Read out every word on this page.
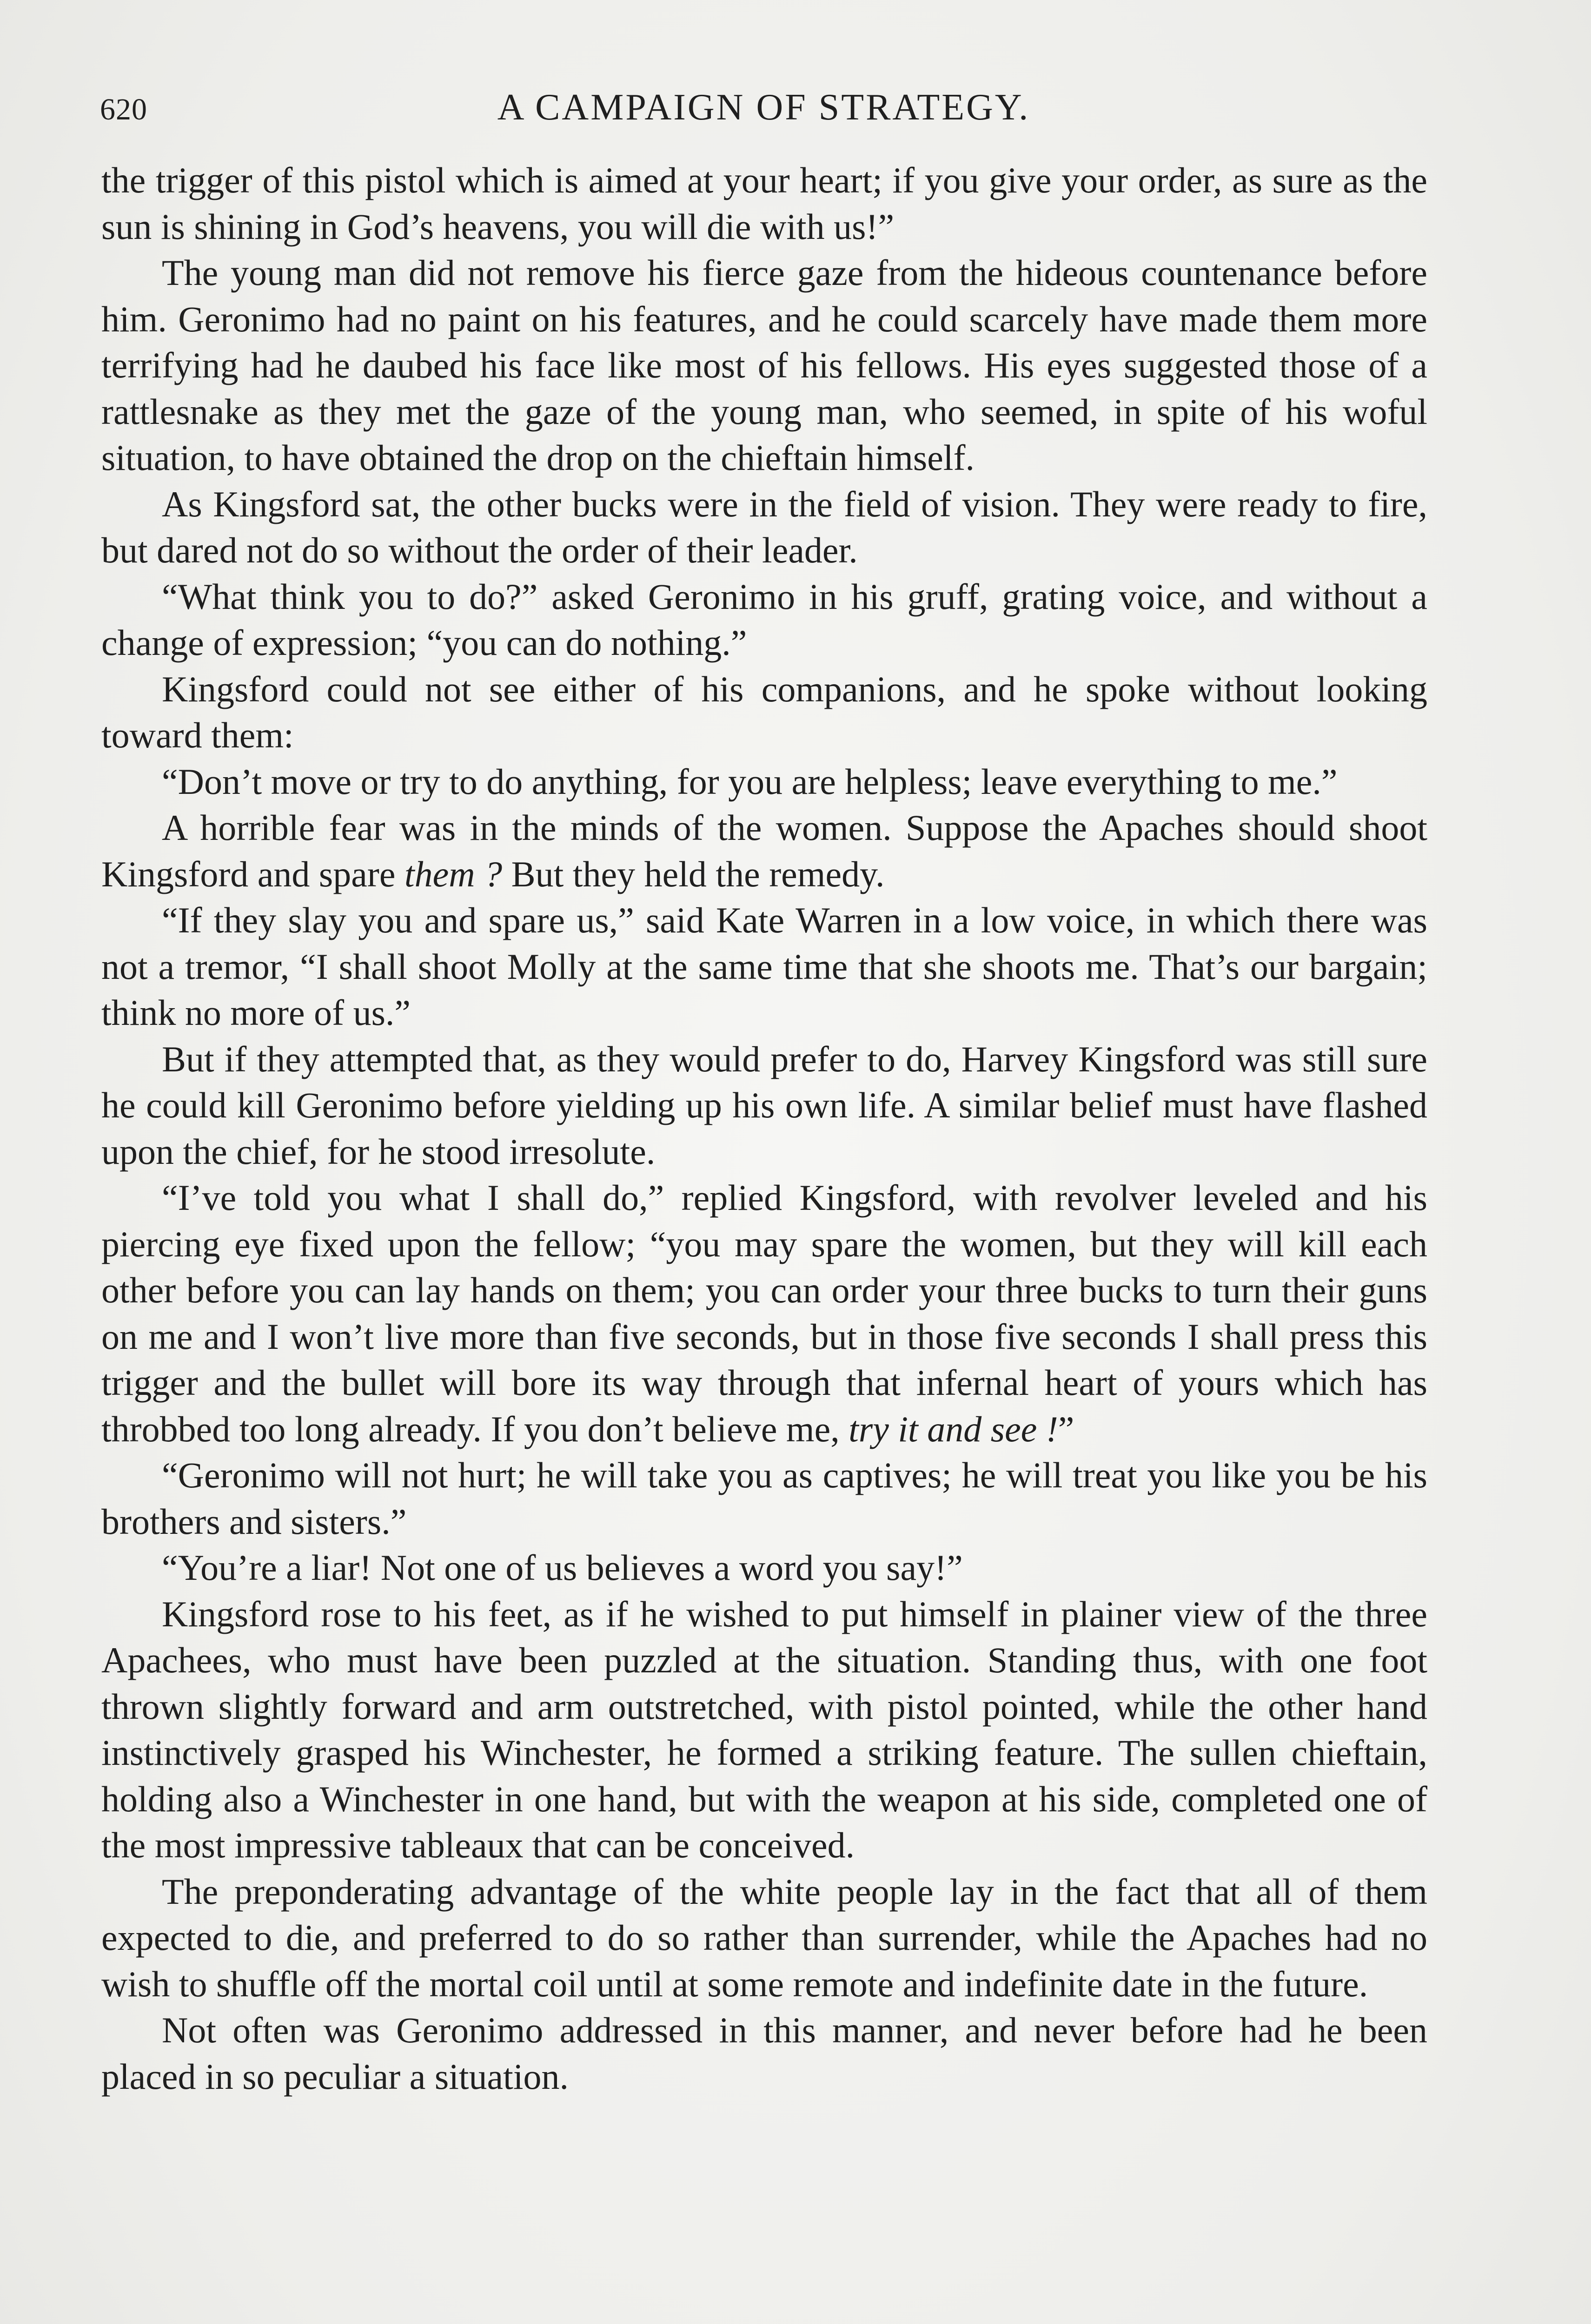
620	A CAMPAIGN OF STRATEGY.

the trigger of this pistol which is aimed at your heart; if you give your order, as sure as the sun is shining in God’s heavens, you will die with us!”

The young man did not remove his fierce gaze from the hideous countenance before him. Geronimo had no paint on his features, and he could scarcely have made them more terrifying had he daubed his face like most of his fellows. His eyes suggested those of a rattlesnake as they met the gaze of the young man, who seemed, in spite of his woful situation, to have obtained the drop on the chieftain himself.

As Kingsford sat, the other bucks were in the field of vision. They were ready to fire, but dared not do so without the order of their leader.

“What think you to do?” asked Geronimo in his gruff, grating voice, and without a change of expression; “you can do nothing.”

Kingsford could not see either of his companions, and he spoke without looking toward them:

“Don’t move or try to do anything, for you are helpless; leave everything to me.”

A horrible fear was in the minds of the women. Suppose the Apaches should shoot Kingsford and spare them ? But they held the remedy.

“If they slay you and spare us,” said Kate Warren in a low voice, in which there was not a tremor, “I shall shoot Molly at the same time that she shoots me. That’s our bargain; think no more of us.”

But if they attempted that, as they would prefer to do, Harvey Kingsford was still sure he could kill Geronimo before yielding up his own life. A similar belief must have flashed upon the chief, for he stood irresolute.

“I’ve told you what I shall do,” replied Kingsford, with revolver leveled and his piercing eye fixed upon the fellow; “you may spare the women, but they will kill each other before you can lay hands on them; you can order your three bucks to turn their guns on me and I won’t live more than five seconds, but in those five seconds I shall press this trigger and the bullet will bore its way through that infernal heart of yours which has throbbed too long already. If you don’t believe me, try it and see !”

“Geronimo will not hurt; he will take you as captives; he will treat you like you be his brothers and sisters.”

“You’re a liar! Not one of us believes a word you say!”

Kingsford rose to his feet, as if he wished to put himself in plainer view of the three Apachees, who must have been puzzled at the situation. Standing thus, with one foot thrown slightly forward and arm outstretched, with pistol pointed, while the other hand instinctively grasped his Winchester, he formed a striking feature. The sullen chieftain, holding also a Winchester in one hand, but with the weapon at his side, completed one of the most impressive tableaux that can be conceived.

The preponderating advantage of the white people lay in the fact that all of them expected to die, and preferred to do so rather than surrender, while the Apaches had no wish to shuffle off the mortal coil until at some remote and indefinite date in the future.

Not often was Geronimo addressed in this manner, and never before had he been placed in so peculiar a situation.
